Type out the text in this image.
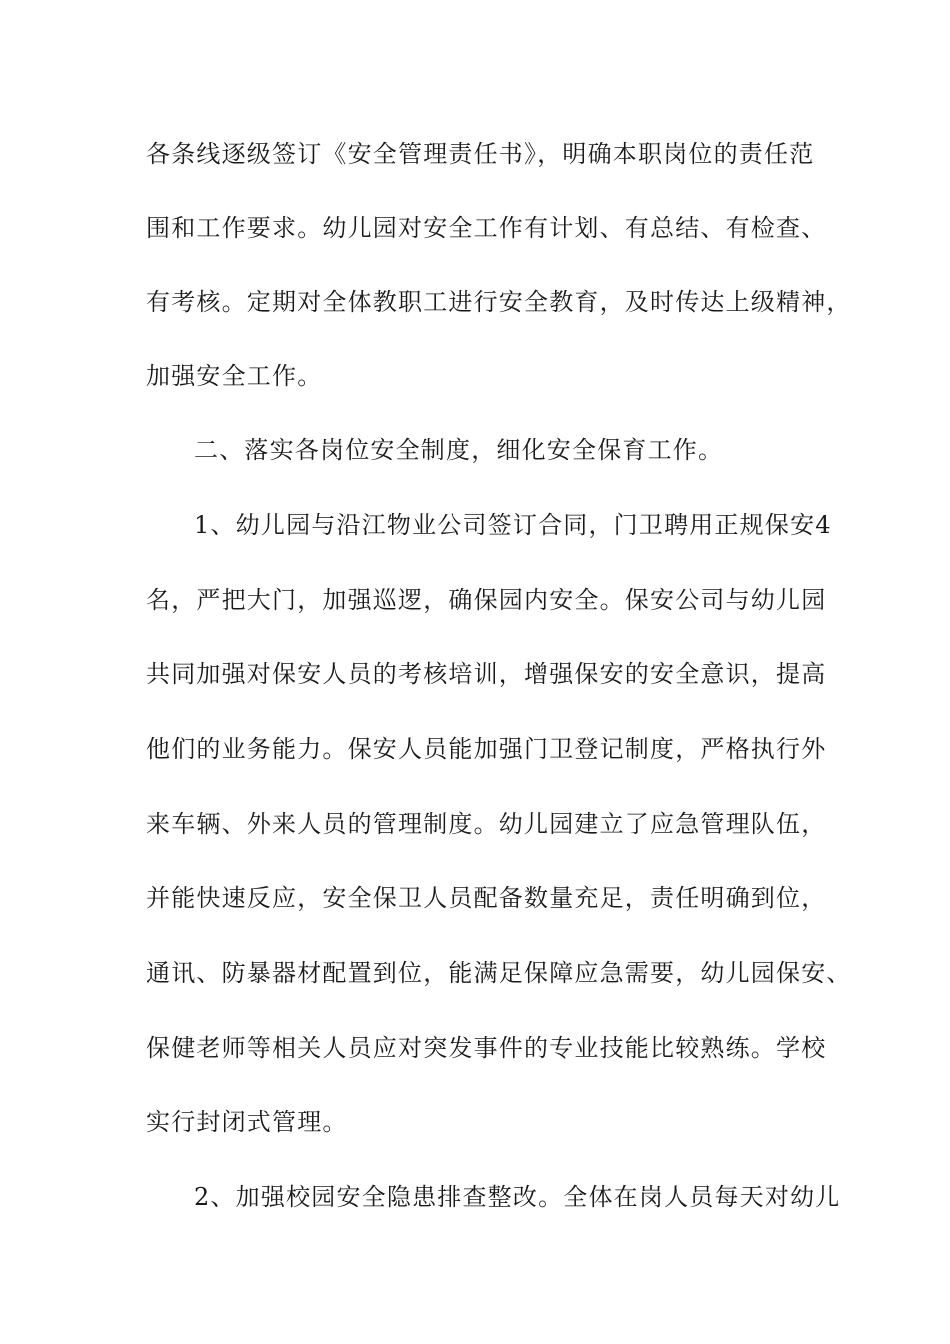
各条线逐级签订《安全管理责任书》，明确本职岗位的责任范
围和工作要求。幼儿园对安全工作有计划、有总结、有检查、
有考核。定期对全体教职工进行安全教育，及时传达上级精神，
加强安全工作。
二、落实各岗位安全制度，细化安全保育工作。
1、幼儿园与沿江物业公司签订合同，门卫聘用正规保安4
名，严把大门，加强巡逻，确保园内安全。保安公司与幼儿园
共同加强对保安人员的考核培训，增强保安的安全意识，提高
他们的业务能力。保安人员能加强门卫登记制度，严格执行外
来车辆、外来人员的管理制度。幼儿园建立了应急管理队伍，
并能快速反应，安全保卫人员配备数量充足，责任明确到位，
通讯、防暴器材配置到位，能满足保障应急需要，幼儿园保安、
保健老师等相关人员应对突发事件的专业技能比较熟练。学校
实行封闭式管理。
2、加强校园安全隐患排查整改。全体在岗人员每天对幼儿
